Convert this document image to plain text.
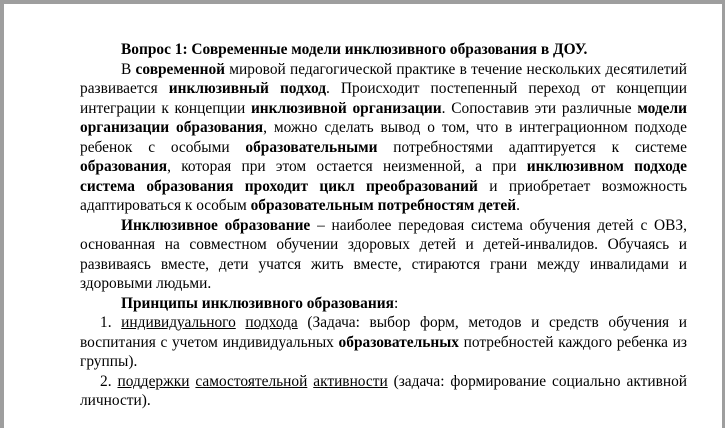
Вопрос 1: Современные модели инклюзивного образования в ДОУ.

В современной мировой педагогической практике в течение нескольких десятилетий развивается инклюзивный подход. Происходит постепенный переход от концепции интеграции к концепции инклюзивной организации. Сопоставив эти различные модели организации образования, можно сделать вывод о том, что в интеграционном подходе ребенок с особыми образовательными потребностями адаптируется к системе образования, которая при этом остается неизменной, а при инклюзивном подходе система образования проходит цикл преобразований и приобретает возможность адаптироваться к особым образовательным потребностям детей.

Инклюзивное образование – наиболее передовая система обучения детей с ОВЗ, основанная на совместном обучении здоровых детей и детей-инвалидов. Обучаясь и развиваясь вместе, дети учатся жить вместе, стираются грани между инвалидами и здоровыми людьми.

Принципы инклюзивного образования:

1. индивидуального подхода (Задача: выбор форм, методов и средств обучения и воспитания с учетом индивидуальных образовательных потребностей каждого ребенка из группы).

2. поддержки самостоятельной активности (задача: формирование социально активной личности).
